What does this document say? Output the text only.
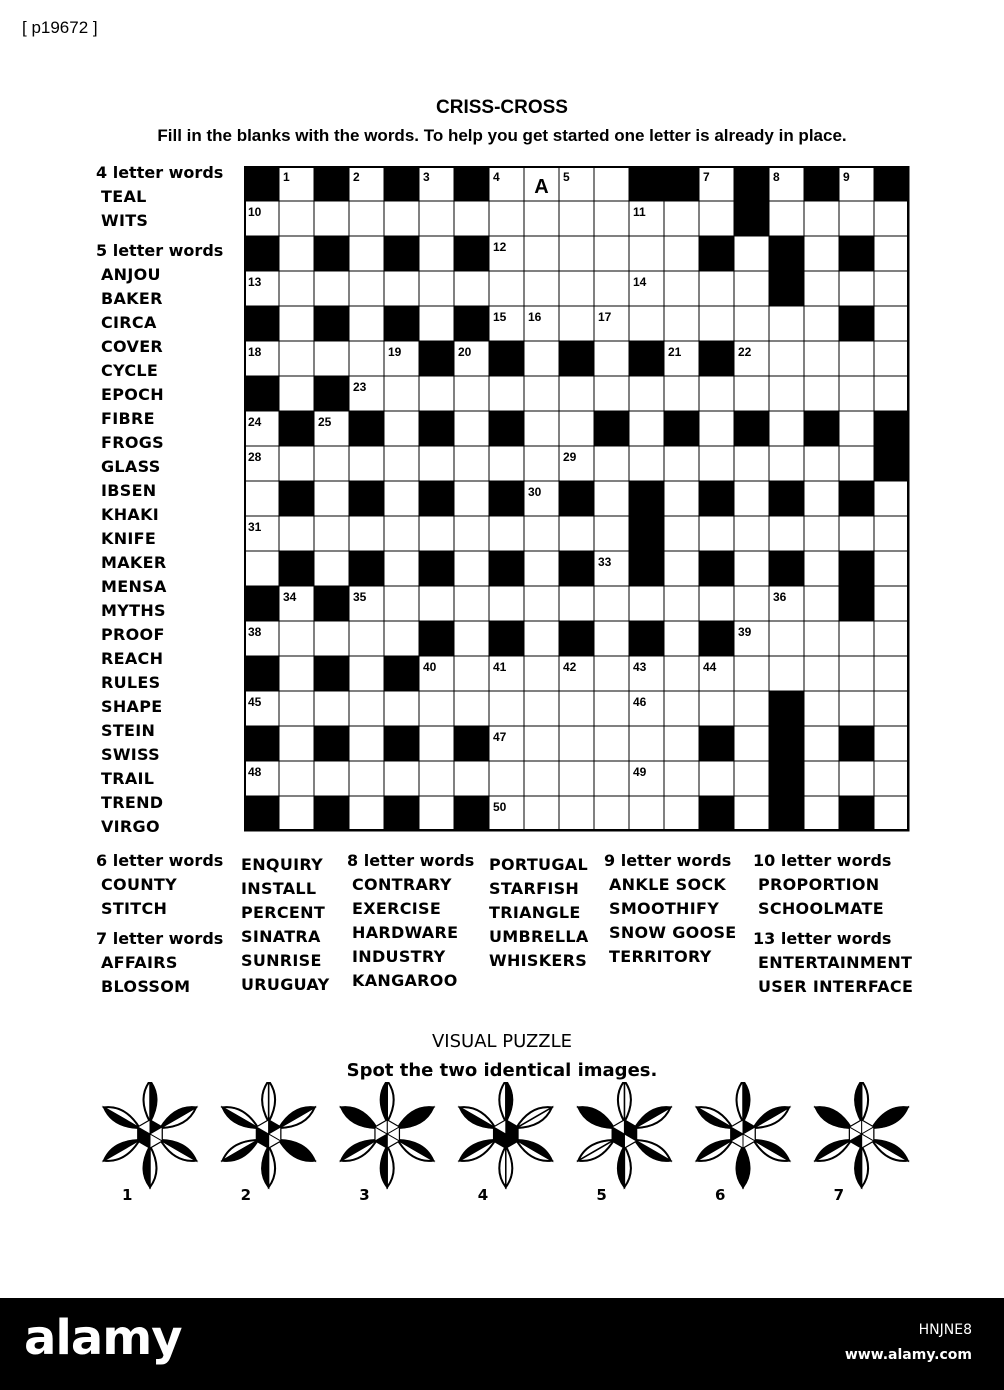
[ p19672 ]
CRISS-CROSS
Fill in the blanks with the words. To help you get started one letter is already in place.
1	2	3	4	5	6	7	8	9
10	11
12
13	14
15 16	17
18	19	20	21	22
23
24	25	26	27
28	29
30
31	32
33
34	35	36	37
38	39
40	41	42	43	44
45	46
47
48	49
50
A
4 letter words
TEAL
WITS
5 letter words
ANJOU
BAKER
CIRCA
COVER
CYCLE
EPOCH
FIBRE
FROGS
GLASS
IBSEN
KHAKI
KNIFE
MAKER
MENSA
MYTHS
PROOF
REACH
RULES
SHAPE
STEIN
SWISS
TRAIL
TREND
VIRGO
6 letter words
COUNTY
STITCH
7 letter words
AFFAIRS
BLOSSOM
ENQUIRY
INSTALL
PERCENT
SINATRA
SUNRISE
URUGUAY
8 letter words
CONTRARY
EXERCISE
HARDWARE
INDUSTRY
KANGAROO
PORTUGAL
STARFISH
TRIANGLE
UMBRELLA
WHISKERS
9 letter words
ANKLE SOCK
SMOOTHIFY
SNOW GOOSE
TERRITORY
10 letter words
PROPORTION
SCHOOLMATE
13 letter words
ENTERTAINMENT
USER INTERFACE
VISUAL PUZZLE
Spot the two identical images.
1	2	3	4	5	6	7
alamy	HNJNE8
www.alamy.com
